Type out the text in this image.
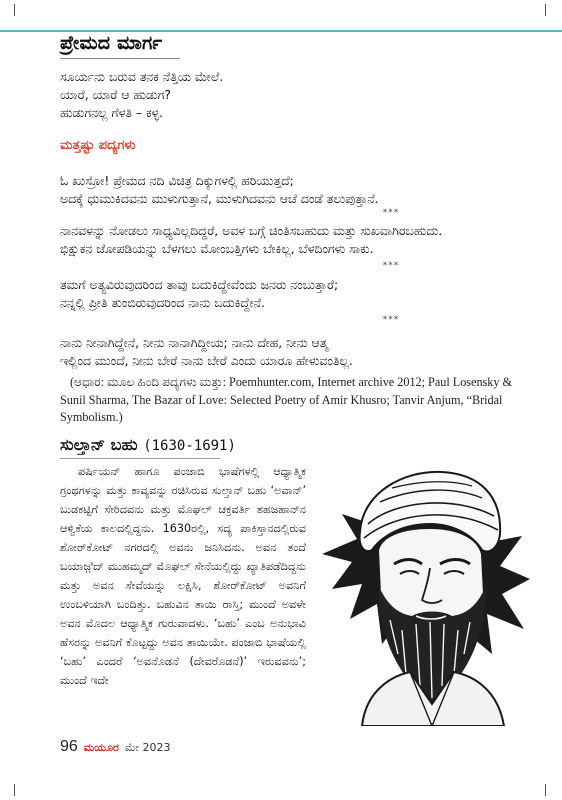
ಪ್ರೇಮದ ಮಾರ್ಗ
ಸೂರ್ಯನು ಬರುವ ತನಕ ನೆತ್ತಿಯ ಮೇಲೆ.
ಯಾರೆ, ಯಾರೆ ಆ ಹುಡುಗ?
ಹುಡುಗನಲ್ಲ ಗೆಳತಿ – ಕಳ್ಳ.
ಮತ್ತಷ್ಟು ಪದ್ಯಗಳು
ಓ ಖುಸ್ರೋ! ಪ್ರೇಮದ ನದಿ ವಿಚಿತ್ರ ದಿಕ್ಕುಗಳಲ್ಲಿ ಹರಿಯುತ್ತದೆ;
ಅದಕ್ಕೆ ಧುಮುಕಿದವನು ಮುಳುಗುತ್ತಾನೆ, ಮುಳುಗಿದವನು ಆಚೆ ದಂಡೆ ತಲುಪುತ್ತಾನೆ.
***
ನಾನವಳನ್ನು ನೋಡಲು ಸಾಧ್ಯವಿಲ್ಲದಿದ್ದರೆ, ಅವಳ ಬಗ್ಗೆ ಚಿಂತಿಸಬಹುದು ಮತ್ತು ಸುಖವಾಗಿರಬಹುದು.
ಭಿಕ್ಷುಕನ ಜೋಪಡಿಯನ್ನು ಬೆಳಗಲು ಮೋಂಬತ್ತಿಗಳು ಬೇಕಿಲ್ಲ, ಬೆಳದಿಂಗಳು ಸಾಕು.
***
ತಮಗೆ ಅತ್ಯವಿರುವುದರಿಂದ ತಾವು ಬದುಕಿದ್ದೇವೆಂದು ಜನರು ನಂಬುತ್ತಾರೆ;
ನನ್ನಲ್ಲಿ ಪ್ರೀತಿ ತುಂಬಿರುವುದರಿಂದ ನಾನು ಬದುಕಿದ್ದೇನೆ.
***
ನಾನು ನೀನಾಗಿದ್ದೇನೆ, ನೀನು ನಾನಾಗಿದ್ದೀಯ; ನಾನು ದೇಹ, ನೀನು ಆತ್ಮ
ಇಲ್ಲಿಂದ ಮುಂದೆ, ನೀನು ಬೇರೆ ನಾನು ಬೇರೆ ಎಂದು ಯಾರೂ ಹೇಳುವಂತಿಲ್ಲ.
(ಆಧಾರ: ಮೂಲ ಹಿಂದಿ ಪದ್ಯಗಳು ಮತ್ತು: Poemhunter.com, Internet archive 2012; Paul Losensky & Sunil Sharma, The Bazar of Love: Selected Poetry of Amir Khusro; Tanvir Anjum, “Bridal Symbolism.)
ಸುಲ್ತಾನ್ ಬಹು (1630-1691)
ಪರ್ಷಿಯನ್ ಹಾಗೂ ಪಂಜಾಬಿ ಭಾಷೆಗಳಲ್ಲಿ ಆಧ್ಯಾತ್ಮಿಕ ಗ್ರಂಥಗಳನ್ನು ಮತ್ತು ಕಾವ್ಯವನ್ನು ರಚಿಸಿರುವ ಸುಲ್ತಾನ್ ಬಹು ‘ಅವಾನ್’ ಬುಡಕಟ್ಟಿಗೆ ಸೇರಿದವನು ಮತ್ತು ಮೊಘಲ್ ಚಕ್ರವರ್ತಿ ಶಹಜಹಾನ್‌ನ ಆಳ್ವಿಕೆಯ ಕಾಲದಲ್ಲಿದ್ದನು. 1630ರಲ್ಲಿ, ಸದ್ಯ ಪಾಕಿಸ್ತಾನದಲ್ಲಿರುವ ಶೋರ್‌ಕೋಟ್ ನಗರದಲ್ಲಿ ಅವನು ಜನಿಸಿದನು. ಅವನ ತಂದೆ ಬಯಾಜ಼ಿದ್ ಮುಹಮ್ಮದ್ ಮೊಘಲ್ ಸೇನೆಯಲ್ಲಿದ್ದು ಖ್ಯಾತಿಪಡೆದಿದ್ದನು ಮತ್ತು ಅವನ ಸೇವೆಯನ್ನು ಲಕ್ಷಿಸಿ, ಶೋರ್‌ಕೋಟ್ ಅವನಿಗೆ ಉಂಬಳಿಯಾಗಿ ಬಂದಿತ್ತು. ಬಹುವಿನ ತಾಯಿ ರಾಸ್ತಿ; ಮುಂದೆ ಅವಳೇ ಅವನ ಮೊದಲ ಆಧ್ಯಾತ್ಮಿಕ ಗುರುವಾದಳು. ‘ಬಹು’ ಎಂಬ ಅನುಭಾವಿ ಹೆಸರನ್ನು ಅವನಿಗೆ ಕೊಟ್ಟದ್ದು ಅವನ ತಾಯಿಯೇ. ಪಂಜಾಬಿ ಭಾಷೆಯಲ್ಲಿ ‘ಬಹು’ ಎಂದರೆ ‘ಅವನೊಡನೆ (ದೇವರೊಡನೆ)’ ಇರುವವನು’; ಮುಂದೆ ಇದೇ
96 ಮಯೂರ ಮೇ 2023
